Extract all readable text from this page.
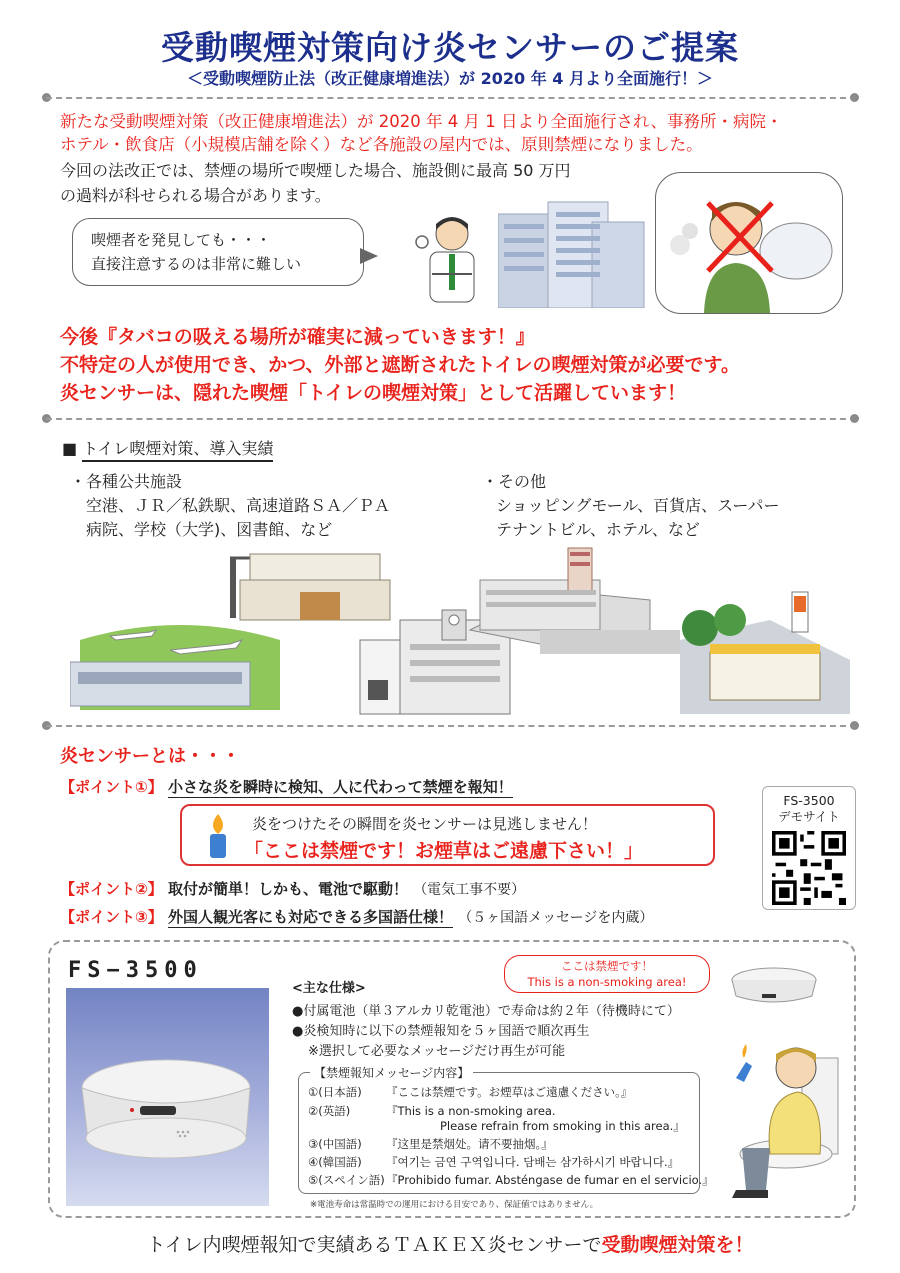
受動喫煙対策向け炎センサーのご提案
＜受動喫煙防止法（改正健康増進法）が 2020 年 4 月より全面施行！＞
新たな受動喫煙対策（改正健康増進法）が 2020 年 4 月 1 日より全面施行され、事務所・病院・
ホテル・飲食店（小規模店舗を除く）など各施設の屋内では、原則禁煙になりました。
今回の法改正では、禁煙の場所で喫煙した場合、施設側に最高 50 万円
の過料が科せられる場合があります。
喫煙者を発見しても・・・
直接注意するのは非常に難しい
今後『タバコの吸える場所が確実に減っていきます！』
不特定の人が使用でき、かつ、外部と遮断されたトイレの喫煙対策が必要です。
炎センサーは、隠れた喫煙「トイレの喫煙対策」として活躍しています！
■ トイレ喫煙対策、導入実績
・各種公共施設
空港、ＪＲ／私鉄駅、高速道路ＳＡ／ＰＡ
病院、学校（大学)、図書館、など
・その他
ショッピングモール、百貨店、スーパー
テナントビル、ホテル、など
炎センサーとは・・・
【ポイント①】 小さな炎を瞬時に検知、人に代わって禁煙を報知！
炎をつけたその瞬間を炎センサーは見逃しません！
「ここは禁煙です！お煙草はご遠慮下さい！」
【ポイント②】 取付が簡単！しかも、電池で駆動！ （電気工事不要）
【ポイント③】 外国人観光客にも対応できる多国語仕様！ （５ヶ国語メッセージを内蔵）
FS-3500
デモサイト
FS−3500
<主な仕様>
●付属電池（単３アルカリ乾電池）で寿命は約２年（待機時にて）
●炎検知時に以下の禁煙報知を５ヶ国語で順次再生
※選択して必要なメッセージだけ再生が可能
【禁煙報知メッセージ内容】
①(日本語) 『ここは禁煙です。お煙草はご遠慮ください。』
②(英語)	『This is a non-smoking area.
Please refrain from smoking in this area.』
③(中国語) 『这里是禁烟处。请不要抽烟。』
④(韓国語) 『여기는 금연 구역입니다. 담배는 삼가하시기 바랍니다.』
⑤(スペイン語) 『Prohibido fumar. Absténgase de fumar en el servicio.』
※電池寿命は常温時での運用における目安であり、保証値ではありません。
ここは禁煙です！
This is a non-smoking area!
トイレ内喫煙報知で実績あるＴＡＫＥＸ炎センサーで受動喫煙対策を！
